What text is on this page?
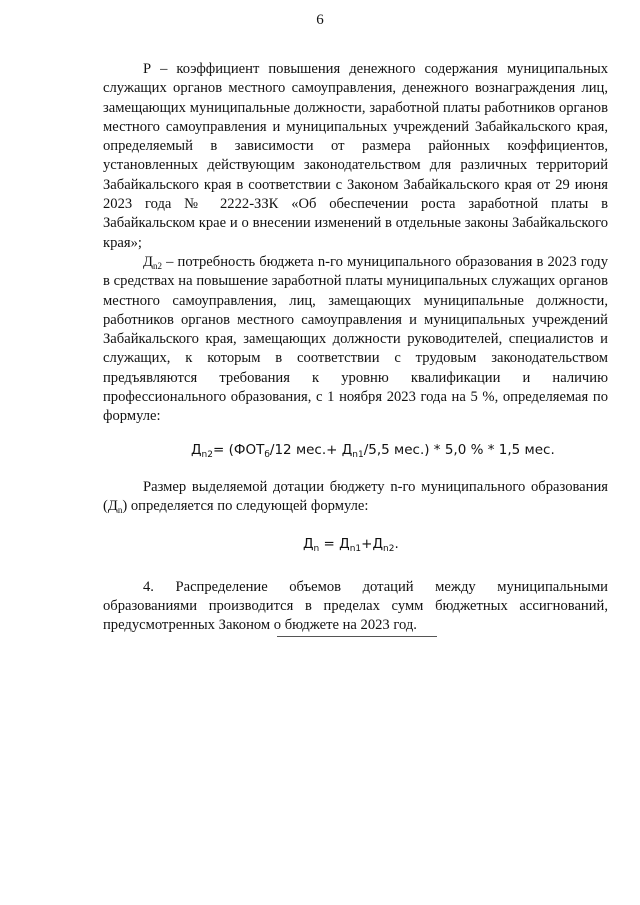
6

Р – коэффициент повышения денежного содержания муниципальных служащих органов местного самоуправления, денежного вознаграждения лиц, замещающих муниципальные должности, заработной платы работников органов местного самоуправления и муниципальных учреждений Забайкальского края, определяемый в зависимости от размера районных коэффициентов, установленных действующим законодательством для различных территорий Забайкальского края в соответствии с Законом Забайкальского края от 29 июня 2023 года № 2222-ЗЗК «Об обеспечении роста заработной платы в Забайкальском крае и о внесении изменений в отдельные законы Забайкальского края»;

$Д_{n2}$ – потребность бюджета n-го муниципального образования в 2023 году в средствах на повышение заработной платы муниципальных служащих органов местного самоуправления, лиц, замещающих муниципальные должности, работников органов местного самоуправления и муниципальных учреждений Забайкальского края, замещающих должности руководителей, специалистов и служащих, к которым в соответствии с трудовым законодательством предъявляются требования к уровню квалификации и наличию профессионального образования, с 1 ноября 2023 года на 5 %, определяемая по формуле:

$Д_{n2}= (ФОТ_б/12$ $мес.+ Д_{n1}/5,5$ мес.) * 5,0 % * 1,5 мес.

Размер выделяемой дотации бюджету n-го муниципального образования $(Д_n)$ определяется по следующей формуле:

$Д_n = Д_{n1}+Д_{n2}$.

4. Распределение объемов дотаций между муниципальными образованиями производится в пределах сумм бюджетных ассигнований, предусмотренных Законом о бюджете на 2023 год.
